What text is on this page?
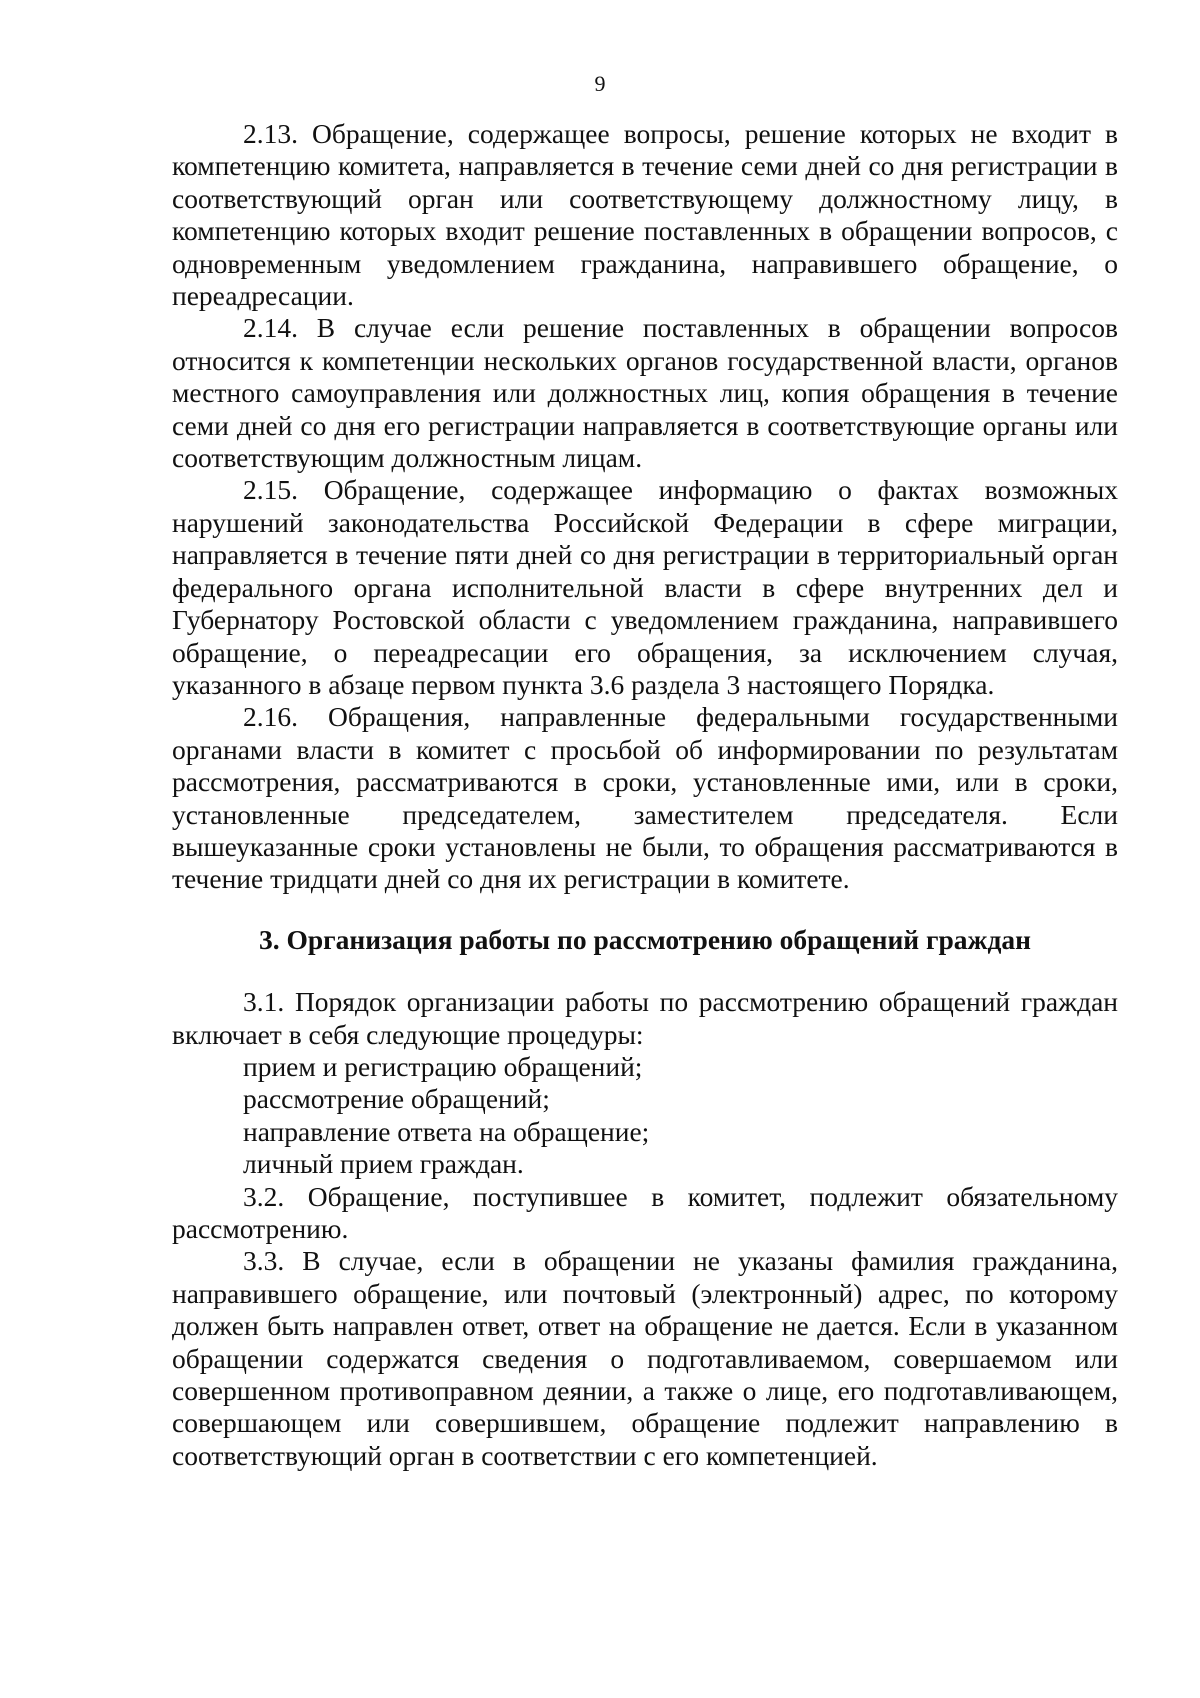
9

2.13. Обращение, содержащее вопросы, решение которых не входит в компетенцию комитета, направляется в течение семи дней со дня регистрации в соответствующий орган или соответствующему должностному лицу, в компетенцию которых входит решение поставленных в обращении вопросов, с одновременным уведомлением гражданина, направившего обращение, о переадресации.

2.14. В случае если решение поставленных в обращении вопросов относится к компетенции нескольких органов государственной власти, органов местного самоуправления или должностных лиц, копия обращения в течение семи дней со дня его регистрации направляется в соответствующие органы или соответствующим должностным лицам.

2.15. Обращение, содержащее информацию о фактах возможных нарушений законодательства Российской Федерации в сфере миграции, направляется в течение пяти дней со дня регистрации в территориальный орган федерального органа исполнительной власти в сфере внутренних дел и Губернатору Ростовской области с уведомлением гражданина, направившего обращение, о переадресации его обращения, за исключением случая, указанного в абзаце первом пункта 3.6 раздела 3 настоящего Порядка.

2.16. Обращения, направленные федеральными государственными органами власти в комитет с просьбой об информировании по результатам рассмотрения, рассматриваются в сроки, установленные ими, или в сроки, установленные председателем, заместителем председателя. Если вышеуказанные сроки установлены не были, то обращения рассматриваются в течение тридцати дней со дня их регистрации в комитете.

3. Организация работы по рассмотрению обращений граждан

3.1. Порядок организации работы по рассмотрению обращений граждан включает в себя следующие процедуры:

прием и регистрацию обращений;

рассмотрение обращений;

направление ответа на обращение;

личный прием граждан.

3.2. Обращение, поступившее в комитет, подлежит обязательному рассмотрению.

3.3. В случае, если в обращении не указаны фамилия гражданина, направившего обращение, или почтовый (электронный) адрес, по которому должен быть направлен ответ, ответ на обращение не дается. Если в указанном обращении содержатся сведения о подготавливаемом, совершаемом или совершенном противоправном деянии, а также о лице, его подготавливающем, совершающем или совершившем, обращение подлежит направлению в соответствующий орган в соответствии с его компетенцией.
